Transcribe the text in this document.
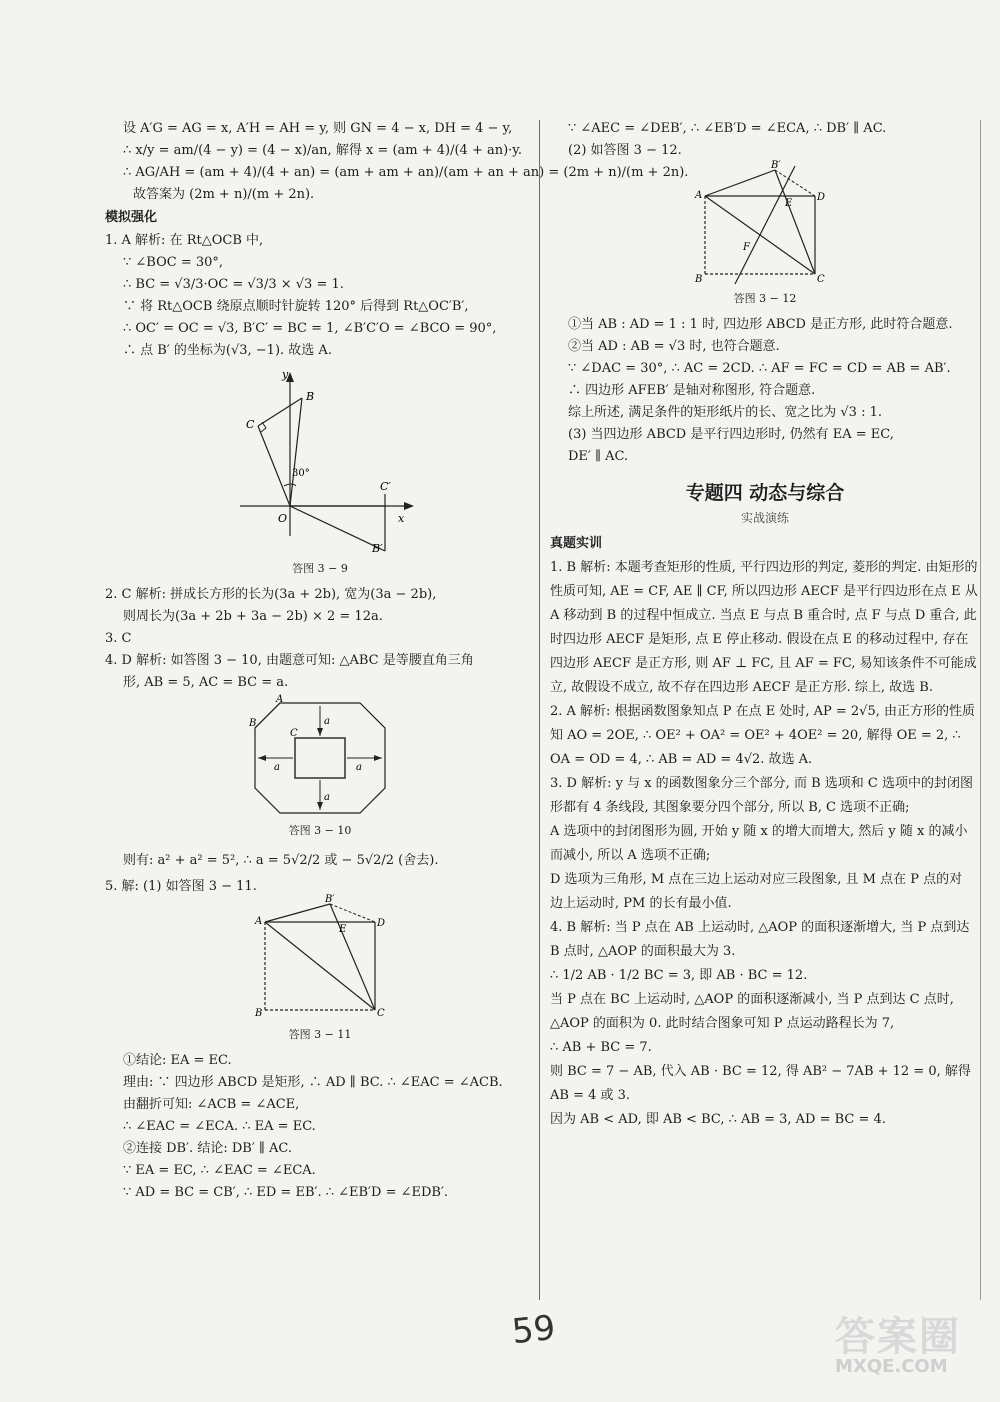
设 A′G = AG = x, A′H = AH = y, 则 GN = 4 − x, DH = 4 − y,
∴ x/y = am/(4 − y) = (4 − x)/an, 解得 x = (am + 4)/(4 + an)·y.
∴ AG/AH = (am + 4)/(4 + an) = (am + am + an)/(am + an + an) = (2m + n)/(m + 2n).
故答案为 (2m + n)/(m + 2n).
模拟强化
1. A 解析: 在 Rt△OCB 中,
∵ ∠BOC = 30°,
∴ BC = √3/3·OC = √3/3 × √3 = 1.
∵ 将 Rt△OCB 绕原点顺时针旋转 120° 后得到 Rt△OC′B′,
∴ OC′ = OC = √3, B′C′ = BC = 1, ∠B′C′O = ∠BCO = 90°,
∴ 点 B′ 的坐标为(√3, −1). 故选 A.
y
B
C
30°
O
C′
x
B′
答图 3 − 9
2. C 解析: 拼成长方形的长为(3a + 2b), 宽为(3a − 2b),
则周长为(3a + 2b + 3a − 2b) × 2 = 12a.
3. C
4. D 解析: 如答图 3 − 10, 由题意可知: △ABC 是等腰直角三角
形, AB = 5, AC = BC = a.
A
B
C
a
a	a
a
答图 3 − 10
则有: a² + a² = 5², ∴ a = 5√2/2 或 − 5√2/2 (舍去).
5. 解: (1) 如答图 3 − 11.
B′
A
E
D
B	C
答图 3 − 11
①结论: EA = EC.
理由: ∵ 四边形 ABCD 是矩形, ∴ AD ∥ BC. ∴ ∠EAC = ∠ACB.
由翻折可知: ∠ACB = ∠ACE,
∴ ∠EAC = ∠ECA. ∴ EA = EC.
②连接 DB′. 结论: DB′ ∥ AC.
∵ EA = EC, ∴ ∠EAC = ∠ECA.
∵ AD = BC = CB′, ∴ ED = EB′. ∴ ∠EB′D = ∠EDB′.
∵ ∠AEC = ∠DEB′, ∴ ∠EB′D = ∠ECA, ∴ DB′ ∥ AC.
(2) 如答图 3 − 12.
B′
A
E
D
F
B	C
答图 3 − 12
①当 AB : AD = 1 : 1 时, 四边形 ABCD 是正方形, 此时符合题意.
②当 AD : AB = √3 时, 也符合题意.
∵ ∠DAC = 30°, ∴ AC = 2CD. ∴ AF = FC = CD = AB = AB′.
∴ 四边形 AFEB′ 是轴对称图形, 符合题意.
综上所述, 满足条件的矩形纸片的长、宽之比为 √3 : 1.
(3) 当四边形 ABCD 是平行四边形时, 仍然有 EA = EC,
DE′ ∥ AC.
专题四 动态与综合
实战演练
真题实训
1. B 解析: 本题考查矩形的性质, 平行四边形的判定, 菱形的判定. 由矩形的性质可知, AE = CF, AE ∥ CF, 所以四边形 AECF 是平行四边形在点 E 从 A 移动到 B 的过程中恒成立. 当点 E 与点 B 重合时, 点 F 与点 D 重合, 此时四边形 AECF 是矩形, 点 E 停止移动. 假设在点 E 的移动过程中, 存在四边形 AECF 是正方形, 则 AF ⊥ FC, 且 AF = FC, 易知该条件不可能成立, 故假设不成立, 故不存在四边形 AECF 是正方形. 综上, 故选 B.
2. A 解析: 根据函数图象知点 P 在点 E 处时, AP = 2√5, 由正方形的性质知 AO = 2OE, ∴ OE² + OA² = OE² + 4OE² = 20, 解得 OE = 2, ∴ OA = OD = 4, ∴ AB = AD = 4√2. 故选 A.
3. D 解析: y 与 x 的函数图象分三个部分, 而 B 选项和 C 选项中的封闭图形都有 4 条线段, 其图象要分四个部分, 所以 B, C 选项不正确;
A 选项中的封闭图形为圆, 开始 y 随 x 的增大而增大, 然后 y 随 x 的减小而减小, 所以 A 选项不正确;
D 选项为三角形, M 点在三边上运动对应三段图象, 且 M 点在 P 点的对边上运动时, PM 的长有最小值.
4. B 解析: 当 P 点在 AB 上运动时, △AOP 的面积逐渐增大, 当 P 点到达 B 点时, △AOP 的面积最大为 3.
∴ 1/2 AB · 1/2 BC = 3, 即 AB · BC = 12.
当 P 点在 BC 上运动时, △AOP 的面积逐渐减小, 当 P 点到达 C 点时, △AOP 的面积为 0. 此时结合图象可知 P 点运动路程长为 7,
∴ AB + BC = 7.
则 BC = 7 − AB, 代入 AB · BC = 12, 得 AB² − 7AB + 12 = 0, 解得 AB = 4 或 3.
因为 AB < AD, 即 AB < BC, ∴ AB = 3, AD = BC = 4.
59	答案圈
MXQE.COM
